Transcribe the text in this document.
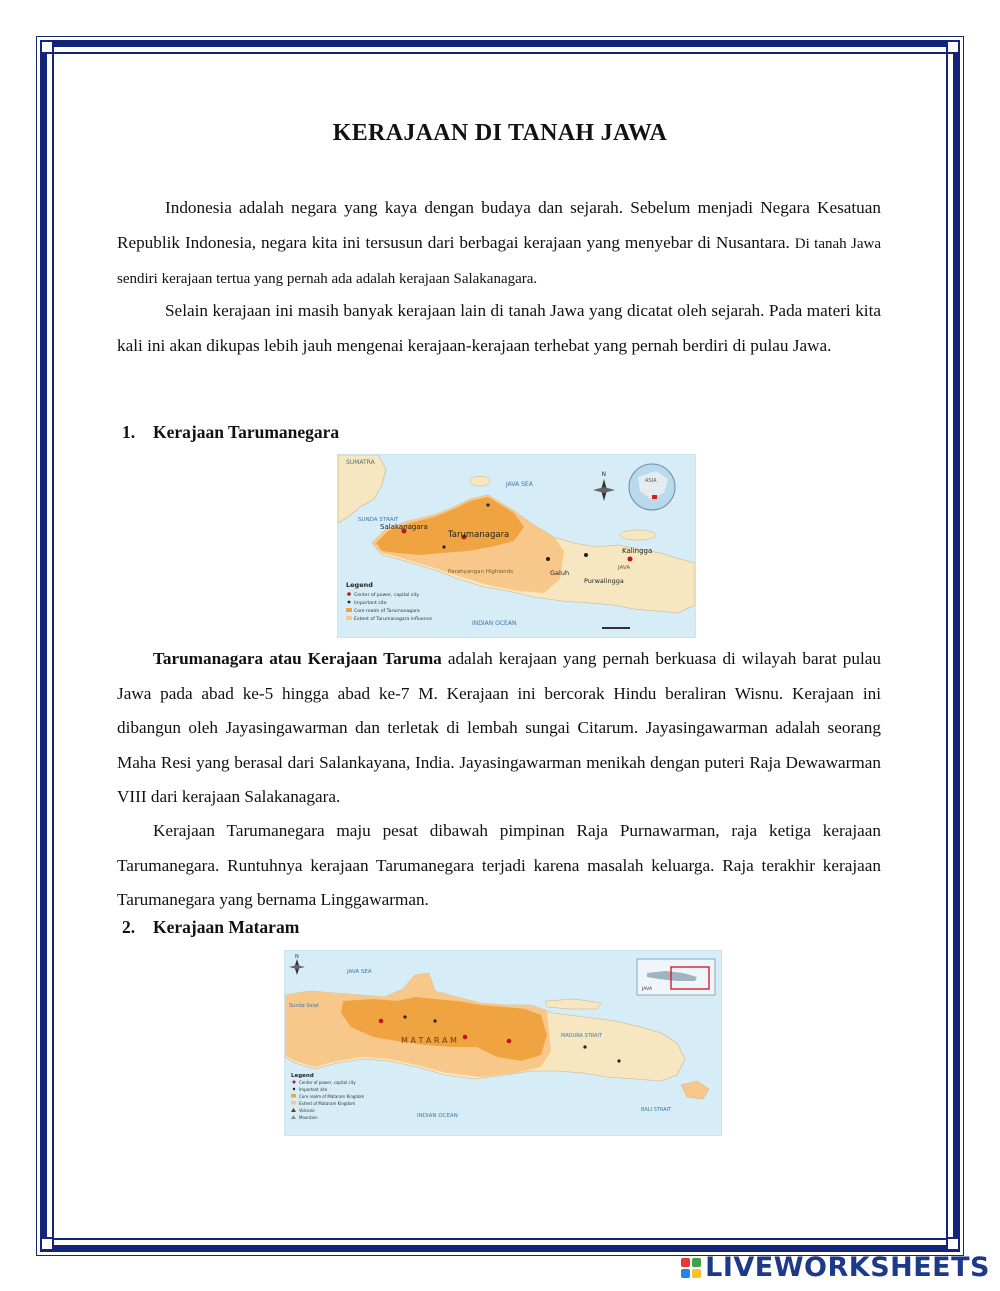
KERAJAAN DI TANAH JAWA
Indonesia adalah negara yang kaya dengan budaya dan sejarah. Sebelum menjadi Negara Kesatuan Republik Indonesia, negara kita ini tersusun dari berbagai kerajaan yang menyebar di Nusantara. Di tanah Jawa sendiri kerajaan tertua yang pernah ada adalah kerajaan Salakanagara.
Selain kerajaan ini masih banyak kerajaan lain di tanah Jawa yang dicatat oleh sejarah. Pada materi kita kali ini akan dikupas lebih jauh mengenai kerajaan-kerajaan terhebat yang pernah berdiri di pulau Jawa.
1. Kerajaan Tarumanegara
SUMATRA
JAVA SEA
SUNDA STRAIT
Salakanagara
Tarumanagara
Kalingga
Galuh
Purwalingga
Parahyangan Highlands
JAVA
INDIAN OCEAN
N
ASIA
Legend
Center of power, capital city
Important site
Core realm of Tarumanagara
Extent of Tarumanagara influence
Tarumanagara atau Kerajaan Taruma adalah kerajaan yang pernah berkuasa di wilayah barat pulau Jawa pada abad ke-5 hingga abad ke-7 M. Kerajaan ini bercorak Hindu beraliran Wisnu. Kerajaan ini dibangun oleh Jayasingawarman dan terletak di lembah sungai Citarum. Jayasingawarman adalah seorang Maha Resi yang berasal dari Salankayana, India. Jayasingawarman menikah dengan puteri Raja Dewawarman VIII dari kerajaan Salakanagara.
Kerajaan Tarumanegara maju pesat dibawah pimpinan Raja Purnawarman, raja ketiga kerajaan Tarumanegara. Runtuhnya kerajaan Tarumanegara terjadi karena masalah keluarga. Raja terakhir kerajaan Tarumanegara yang bernama Linggawarman.
2. Kerajaan Mataram
JAVA SEA
Sunda Selat
M A T A R A M	MADURA STRAIT
BALI STRAIT
INDIAN OCEAN
N
JAVA
Legend
Center of power, capital city
Important site
Core realm of Mataram Kingdom
Extent of Mataram Kingdom
Volcano
Mountain
LIVEWORKSHEETS
